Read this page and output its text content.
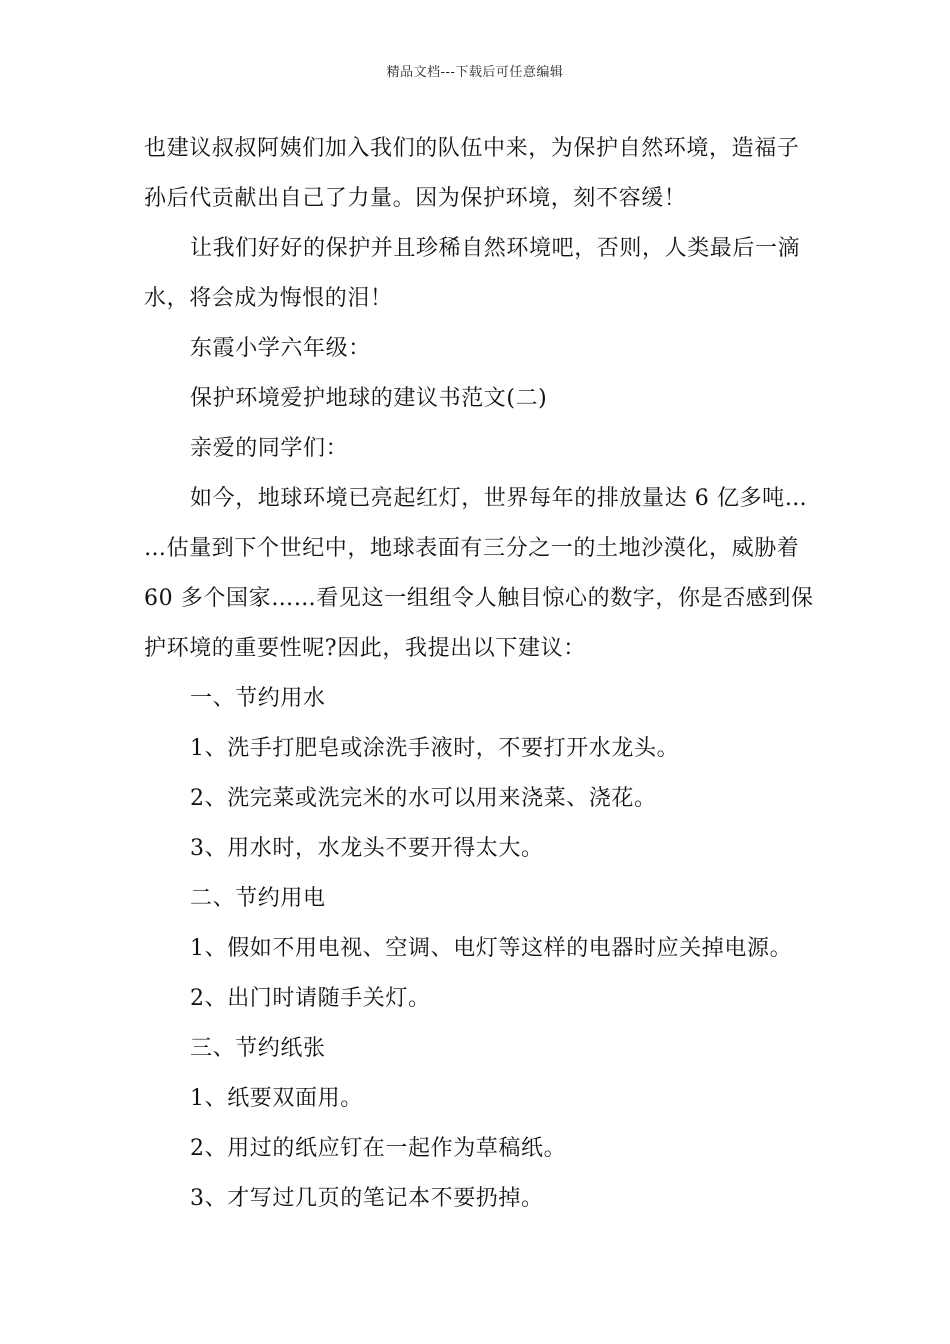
精品文档---下载后可任意编辑
也建议叔叔阿姨们加入我们的队伍中来，为保护自然环境，造福子
孙后代贡献出自己了力量。因为保护环境，刻不容缓！
让我们好好的保护并且珍稀自然环境吧，否则，人类最后一滴
水，将会成为悔恨的泪！
东霞小学六年级：
保护环境爱护地球的建议书范文(二)
亲爱的同学们：
如今，地球环境已亮起红灯，世界每年的排放量达 6 亿多吨…
…估量到下个世纪中，地球表面有三分之一的土地沙漠化，威胁着
60 多个国家……看见这一组组令人触目惊心的数字，你是否感到保
护环境的重要性呢?因此，我提出以下建议：
一、节约用水
1、洗手打肥皂或涂洗手液时，不要打开水龙头。
2、洗完菜或洗完米的水可以用来浇菜、浇花。
3、用水时，水龙头不要开得太大。
二、节约用电
1、假如不用电视、空调、电灯等这样的电器时应关掉电源。
2、出门时请随手关灯。
三、节约纸张
1、纸要双面用。
2、用过的纸应钉在一起作为草稿纸。
3、才写过几页的笔记本不要扔掉。
